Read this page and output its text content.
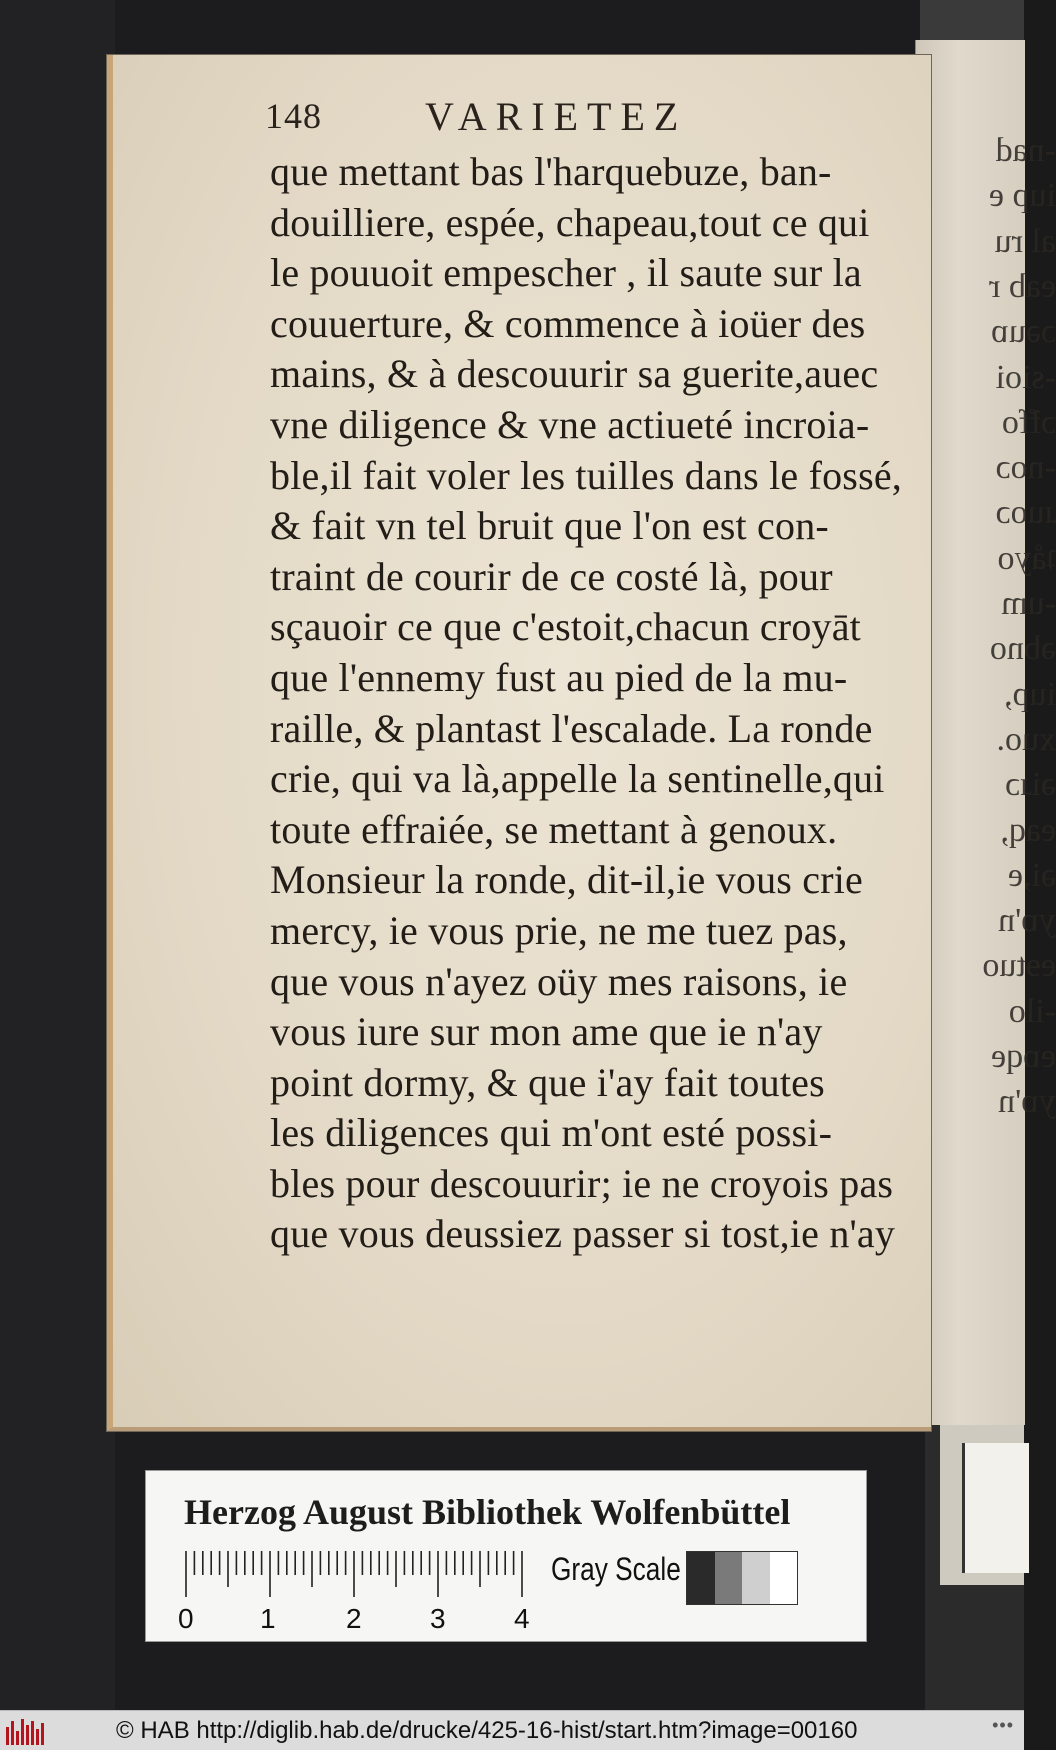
-nad
iup e
al ru
eab r
ɔəuɒ
-sioi
ɔ̃ffo
-noɔ
ɹuoɔ
ʇåyo
-um
əbno
iup,
xuo.
əiɹɔ
eaq,
əi,e
yɒ'n
eɘtuo
-ilo
eɒqe
yɒ'n
148	VARIETEZ
que mettant bas l'harquebuze, ban-
douilliere, espée, chapeau,tout ce qui
le pouuoit empescher , il saute sur la
couuerture, & commence à ioüer des
mains, & à descouurir sa guerite,auec
vne diligence & vne actiueté incroia-
ble,il fait voler les tuilles dans le fossé,
& fait vn tel bruit que l'on est con-
traint de courir de ce costé là, pour
sçauoir ce que c'estoit,chacun croyāt
que l'ennemy fust au pied de la mu-
raille, & plantast l'escalade. La ronde
crie, qui va là,appelle la sentinelle,qui
toute effraiée, se mettant à genoux.
Monsieur la ronde, dit-il,ie vous crie
mercy, ie vous prie, ne me tuez pas,
que vous n'ayez oüy mes raisons, ie
vous iure sur mon ame que ie n'ay
point dormy, & que i'ay fait toutes
les diligences qui m'ont esté possi-
bles pour descouurir; ie ne croyois pas
que vous deussiez passer si tost,ie n'ay
Herzog August Bibliothek Wolfenbüttel
0 1	2 3 4
Gray Scale
© HAB http://diglib.hab.de/drucke/425-16-hist/start.htm?image=00160	•••
